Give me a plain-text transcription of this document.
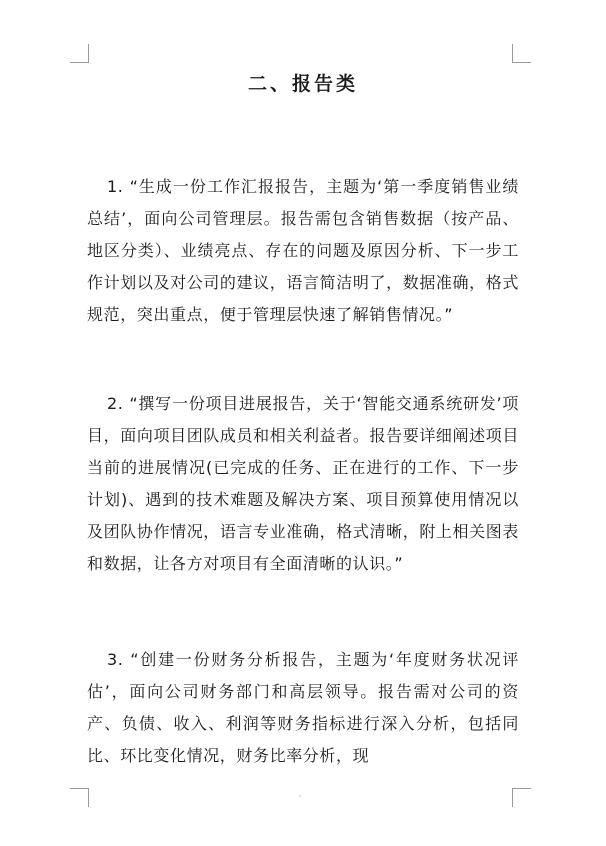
二、报告类

1. “生成一份工作汇报报告，主题为‘第一季度销售业绩总结’，面向公司管理层。报告需包含销售数据（按产品、地区分类）、业绩亮点、存在的问题及原因分析、下一步工作计划以及对公司的建议，语言简洁明了，数据准确，格式规范，突出重点，便于管理层快速了解销售情况。”

2. “撰写一份项目进展报告，关于‘智能交通系统研发’项目，面向项目团队成员和相关利益者。报告要详细阐述项目当前的进展情况(已完成的任务、正在进行的工作、下一步计划)、遇到的技术难题及解决方案、项目预算使用情况以及团队协作情况，语言专业准确，格式清晰，附上相关图表和数据，让各方对项目有全面清晰的认识。”

3. “创建一份财务分析报告，主题为‘年度财务状况评估’，面向公司财务部门和高层领导。报告需对公司的资产、负债、收入、利润等财务指标进行深入分析，包括同比、环比变化情况，财务比率分析，现

。
